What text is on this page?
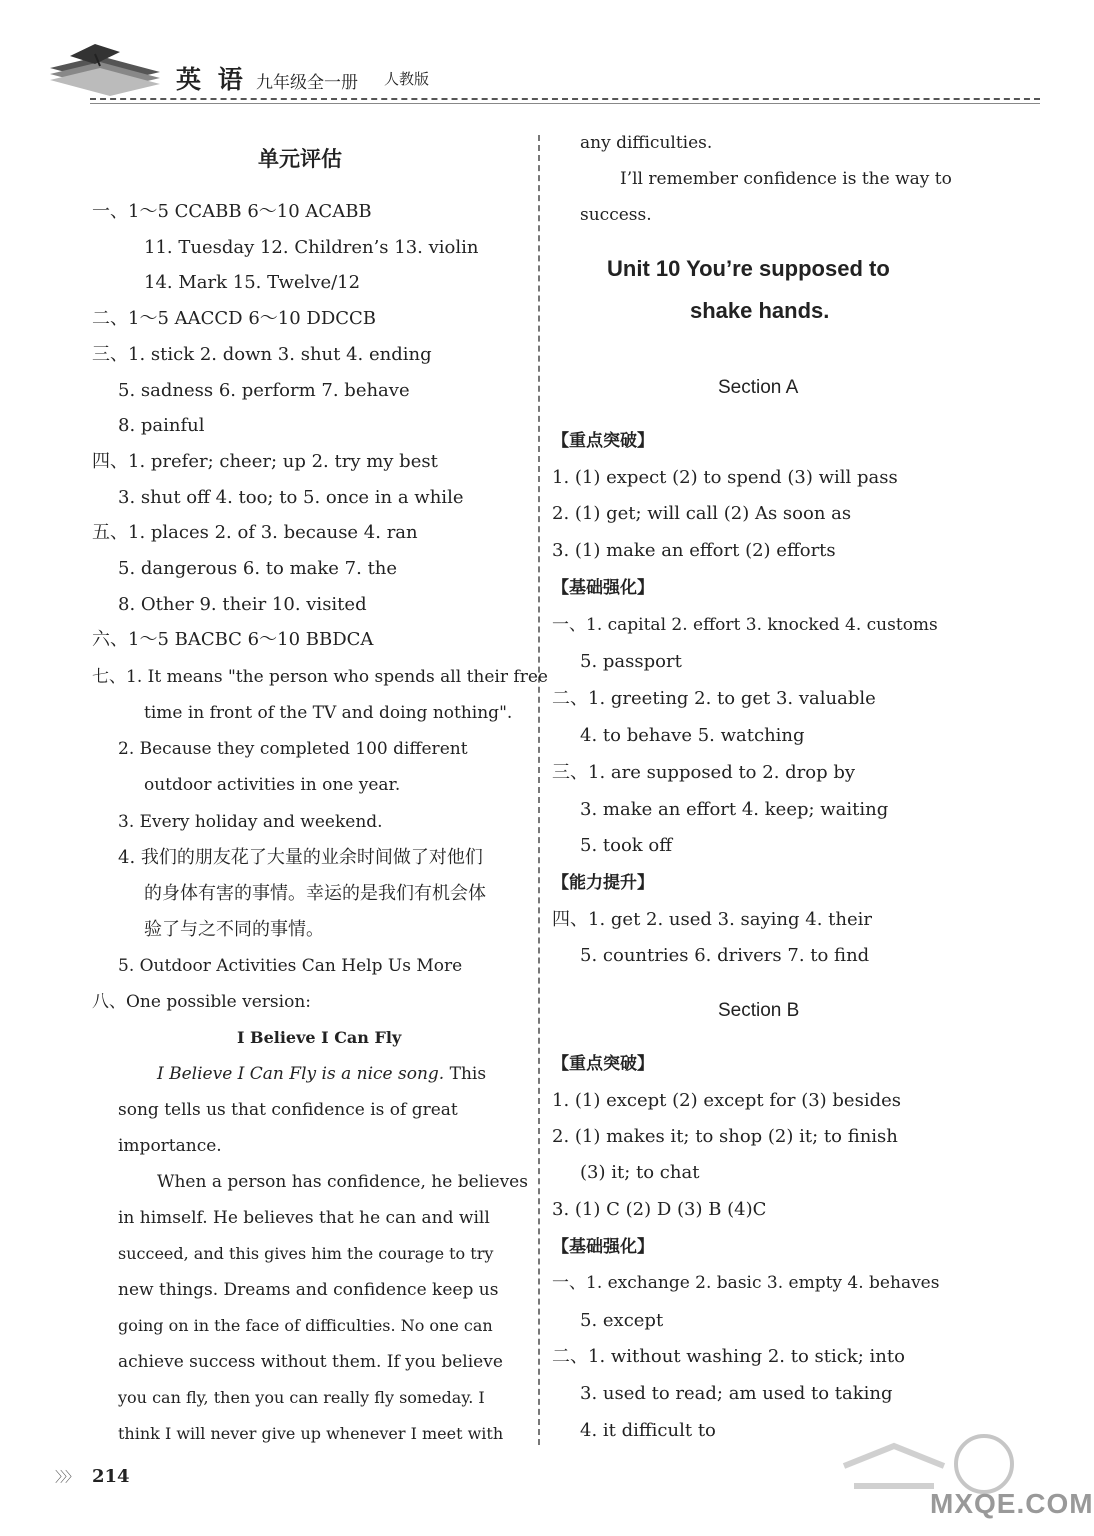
英 语 九年级全一册 人教版
单元评估
一、1～5 CCABB 6～10 ACABB
11. Tuesday 12. Children’s 13. violin
14. Mark 15. Twelve/12
二、1～5 AACCD 6～10 DDCCB
三、1. stick 2. down 3. shut 4. ending
5. sadness 6. perform 7. behave
8. painful
四、1. prefer; cheer; up 2. try my best
3. shut off 4. too; to 5. once in a while
五、1. places 2. of 3. because 4. ran
5. dangerous 6. to make 7. the
8. Other 9. their 10. visited
六、1～5 BACBC 6～10 BBDCA
七、1. It means "the person who spends all their free
time in front of the TV and doing nothing".
2. Because they completed 100 different
outdoor activities in one year.
3. Every holiday and weekend.
4. 我们的朋友花了大量的业余时间做了对他们
的身体有害的事情。幸运的是我们有机会体
验了与之不同的事情。
5. Outdoor Activities Can Help Us More
八、One possible version:
I Believe I Can Fly
I Believe I Can Fly is a nice song. This
song tells us that confidence is of great
importance.
When a person has confidence, he believes
in himself. He believes that he can and will
succeed, and this gives him the courage to try
new things. Dreams and confidence keep us
going on in the face of difficulties. No one can
achieve success without them. If you believe
you can fly, then you can really fly someday. I
think I will never give up whenever I meet with
any difficulties.
I’ll remember confidence is the way to
success.
Unit 10 You’re supposed to
shake hands.
Section A
【重点突破】
1. (1) expect (2) to spend (3) will pass
2. (1) get; will call (2) As soon as
3. (1) make an effort (2) efforts
【基础强化】
一、1. capital 2. effort 3. knocked 4. customs
5. passport
二、1. greeting 2. to get 3. valuable
4. to behave 5. watching
三、1. are supposed to 2. drop by
3. make an effort 4. keep; waiting
5. took off
【能力提升】
四、1. get 2. used 3. saying 4. their
5. countries 6. drivers 7. to find
Section B
【重点突破】
1. (1) except (2) except for (3) besides
2. (1) makes it; to shop (2) it; to finish
(3) it; to chat
3. (1) C (2) D (3) B (4)C
【基础强化】
一、1. exchange 2. basic 3. empty 4. behaves
5. except
二、1. without washing 2. to stick; into
3. used to read; am used to taking
4. it difficult to
〉〉〉 214
MXQE.COM
